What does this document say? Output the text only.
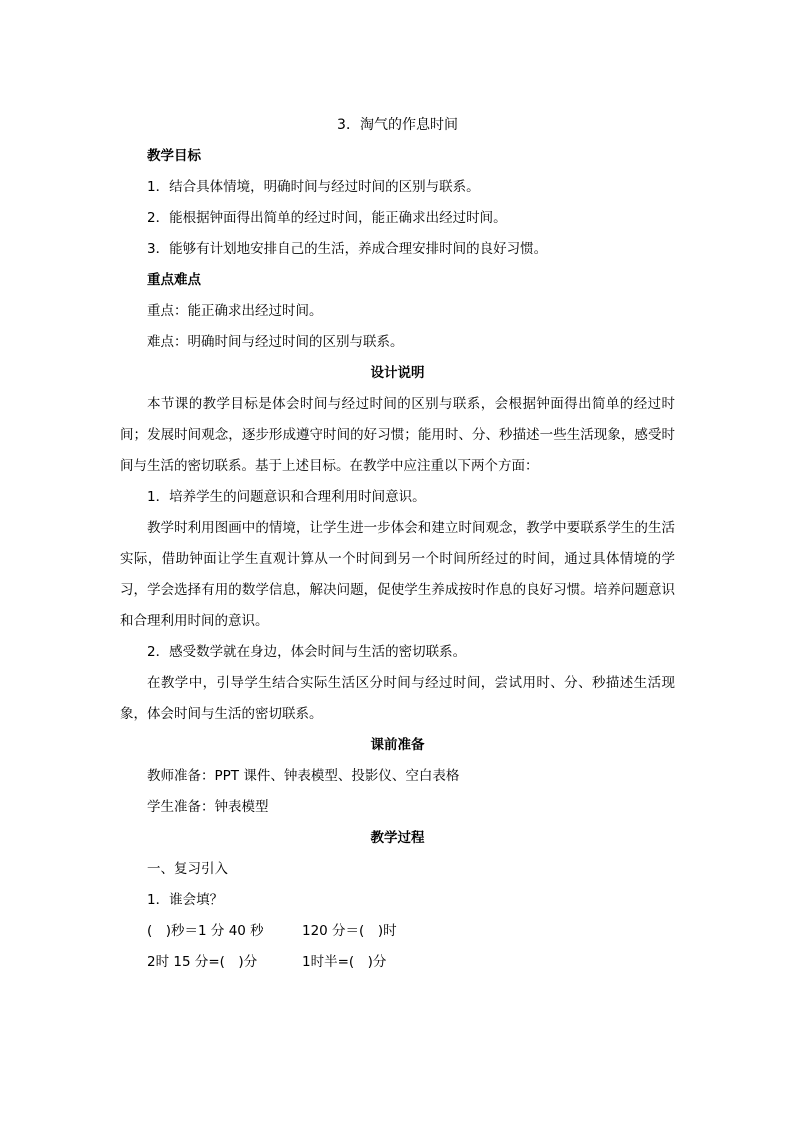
3．淘气的作息时间
教学目标
1．结合具体情境，明确时间与经过时间的区别与联系。
2．能根据钟面得出简单的经过时间，能正确求出经过时间。
3．能够有计划地安排自己的生活，养成合理安排时间的良好习惯。
重点难点
重点：能正确求出经过时间。
难点：明确时间与经过时间的区别与联系。
设计说明
本节课的教学目标是体会时间与经过时间的区别与联系，会根据钟面得出简单的经过时间；发展时间观念，逐步形成遵守时间的好习惯；能用时、分、秒描述一些生活现象，感受时间与生活的密切联系。基于上述目标。在教学中应注重以下两个方面：
1．培养学生的问题意识和合理利用时间意识。
教学时利用图画中的情境，让学生进一步体会和建立时间观念，教学中要联系学生的生活实际，借助钟面让学生直观计算从一个时间到另一个时间所经过的时间，通过具体情境的学习，学会选择有用的数学信息，解决问题，促使学生养成按时作息的良好习惯。培养问题意识和合理利用时间的意识。
2．感受数学就在身边，体会时间与生活的密切联系。
在教学中，引导学生结合实际生活区分时间与经过时间，尝试用时、分、秒描述生活现象，体会时间与生活的密切联系。
课前准备
教师准备：PPT 课件、钟表模型、投影仪、空白表格
学生准备：钟表模型
教学过程
一、复习引入
1．谁会填？
(　)秒＝1 分 40 秒	120 分＝(　)时
2时 15 分=(　)分	1时半=(　)分
